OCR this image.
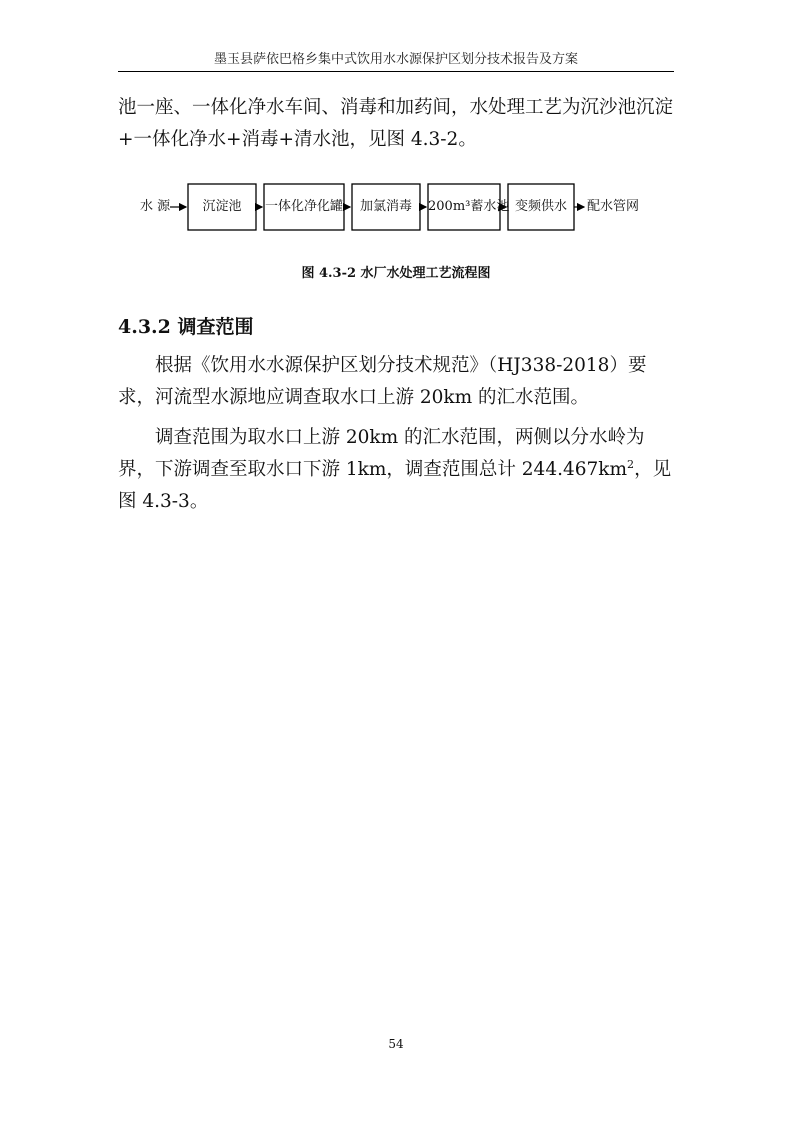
墨玉县萨依巴格乡集中式饮用水水源保护区划分技术报告及方案

池一座、一体化净水车间、消毒和加药间，水处理工艺为沉沙池沉淀+一体化净水+消毒+清水池，见图 4.3-2。

水 源	沉淀池	一体化净化罐	加氯消毒	200m³蓄水池 变频供水	配水管网
图 4.3-2 水厂水处理工艺流程图
4.3.2 调查范围

根据《饮用水水源保护区划分技术规范》（HJ338-2018）要求，河流型水源地应调查取水口上游 20km 的汇水范围。

调查范围为取水口上游 20km 的汇水范围，两侧以分水岭为界，下游调查至取水口下游 1km，调查范围总计 $244.467km^2$，见图 4.3-3。

54
